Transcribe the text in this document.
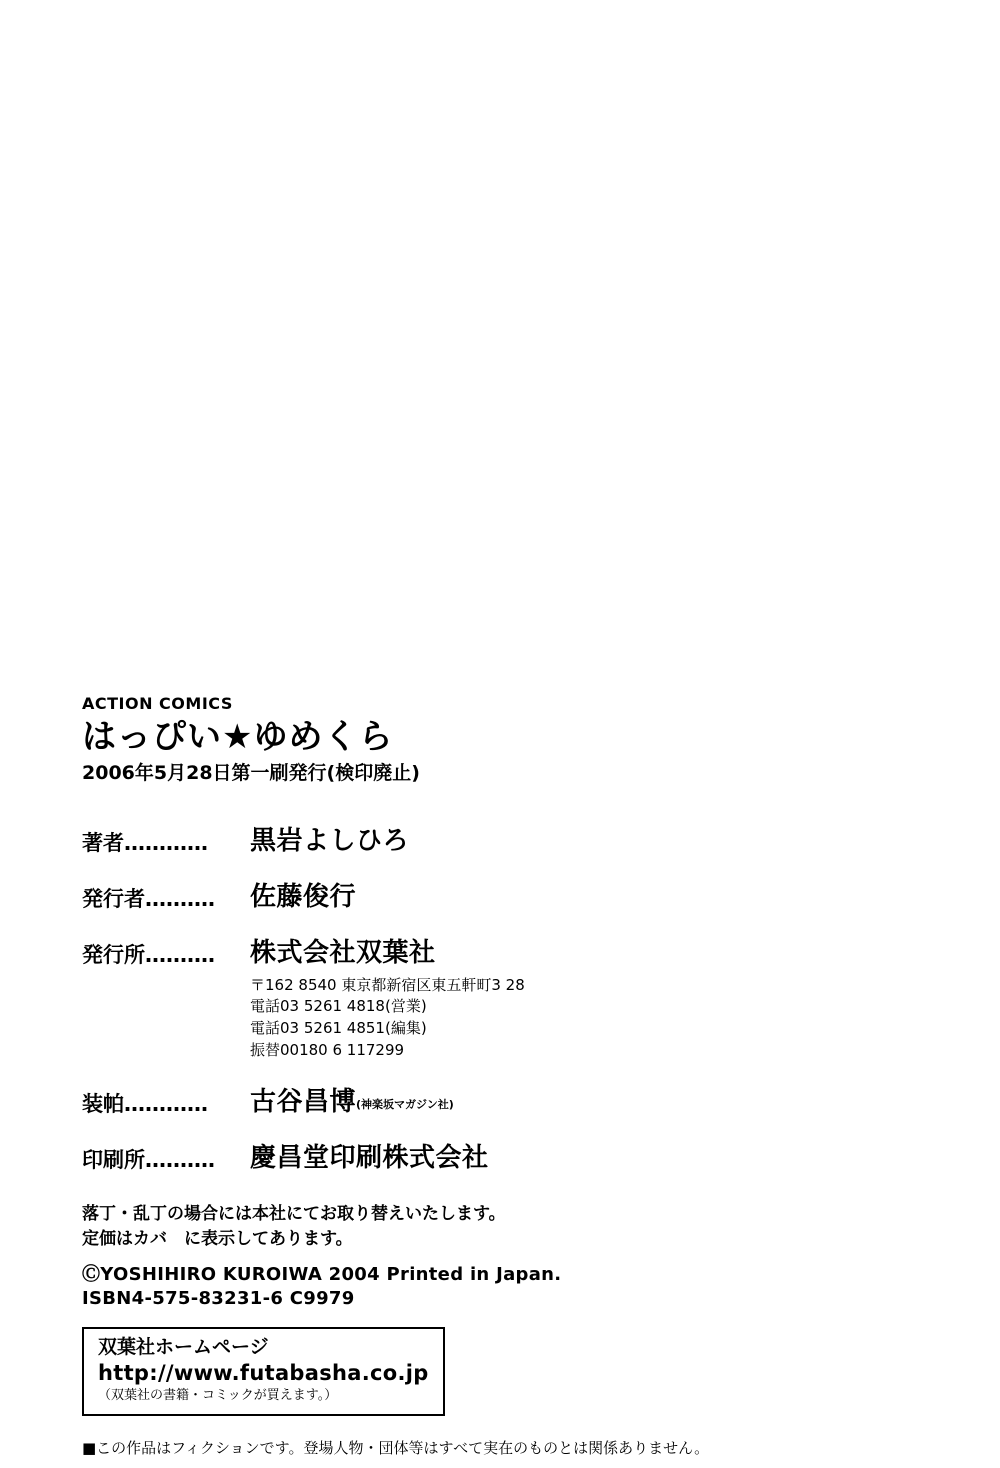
ACTION COMICS
はっぴい★ゆめくら
2006年5月28日第一刷発行(検印廃止)
著者‥‥‥‥‥‥	黒岩よしひろ
発行者‥‥‥‥‥	佐藤俊行
発行所‥‥‥‥‥	株式会社双葉社
〒162 8540 東京都新宿区東五軒町3 28
電話03 5261 4818(営業)
電話03 5261 4851(編集)
振替00180 6 117299
装帕‥‥‥‥‥‥	古谷昌博(神楽坂マガジン社)
印刷所‥‥‥‥‥	慶昌堂印刷株式会社
落丁・乱丁の場合には本社にてお取り替えいたします。
定価はカバ　に表示してあります。
ⒸYOSHIHIRO KUROIWA 2004 Printed in Japan.
ISBN4-575-83231-6 C9979
双葉社ホームページ
http://www.futabasha.co.jp
（双葉社の書籍・コミックが買えます。）
■この作品はフィクションです。登場人物・団体等はすべて実在のものとは関係ありません。
